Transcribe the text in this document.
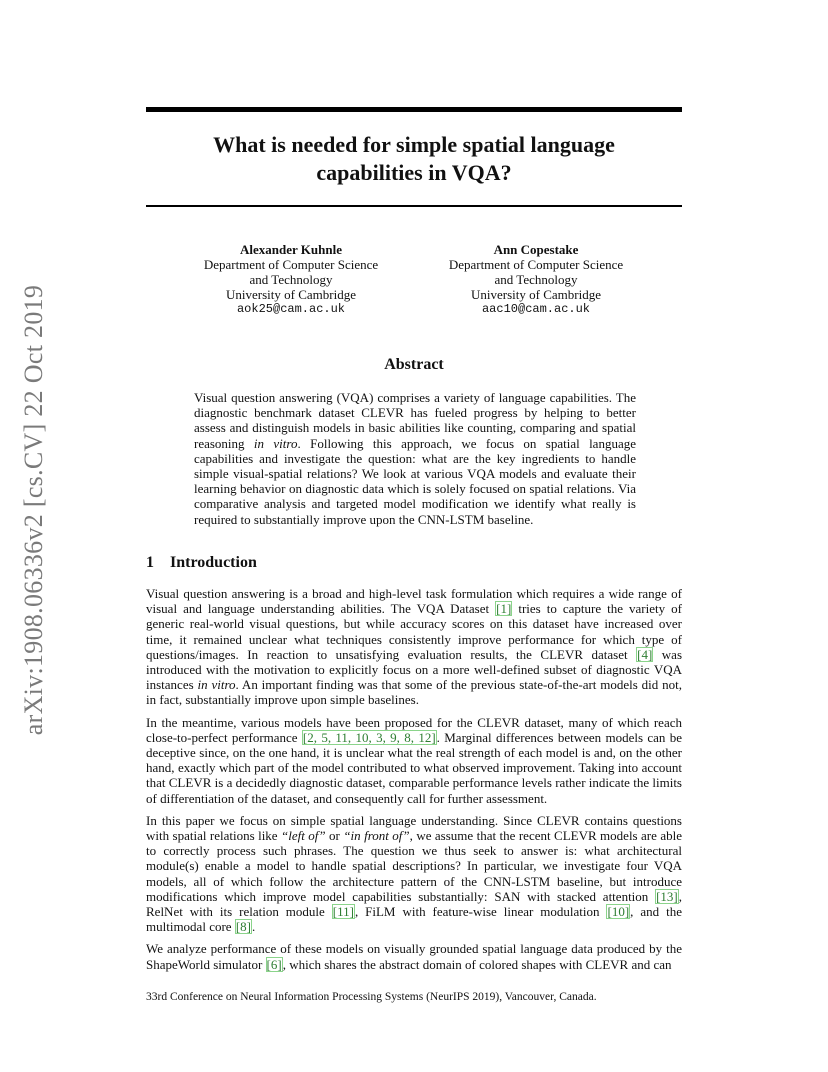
arXiv:1908.06336v2 [cs.CV] 22 Oct 2019
What is needed for simple spatial language
capabilities in VQA?
Alexander Kuhnle
Department of Computer Science
and Technology
University of Cambridge
aok25@cam.ac.uk
Ann Copestake
Department of Computer Science
and Technology
University of Cambridge
aac10@cam.ac.uk
Abstract
Visual question answering (VQA) comprises a variety of language capabilities. The diagnostic benchmark dataset CLEVR has fueled progress by helping to better assess and distinguish models in basic abilities like counting, comparing and spatial reasoning in vitro. Following this approach, we focus on spatial language capabilities and investigate the question: what are the key ingredients to handle simple visual-spatial relations? We look at various VQA models and evaluate their learning behavior on diagnostic data which is solely focused on spatial relations. Via comparative analysis and targeted model modification we identify what really is required to substantially improve upon the CNN-LSTM baseline.
1 Introduction

Visual question answering is a broad and high-level task formulation which requires a wide range of visual and language understanding abilities. The VQA Dataset [1] tries to capture the variety of generic real-world visual questions, but while accuracy scores on this dataset have increased over time, it remained unclear what techniques consistently improve performance for which type of questions/images. In reaction to unsatisfying evaluation results, the CLEVR dataset [4] was introduced with the motivation to explicitly focus on a more well-defined subset of diagnostic VQA instances in vitro. An important finding was that some of the previous state-of-the-art models did not, in fact, substantially improve upon simple baselines.

In the meantime, various models have been proposed for the CLEVR dataset, many of which reach close-to-perfect performance [2, 5, 11, 10, 3, 9, 8, 12]. Marginal differences between models can be deceptive since, on the one hand, it is unclear what the real strength of each model is and, on the other hand, exactly which part of the model contributed to what observed improvement. Taking into account that CLEVR is a decidedly diagnostic dataset, comparable performance levels rather indicate the limits of differentiation of the dataset, and consequently call for further assessment.

In this paper we focus on simple spatial language understanding. Since CLEVR contains questions with spatial relations like “left of” or “in front of”, we assume that the recent CLEVR models are able to correctly process such phrases. The question we thus seek to answer is: what architectural module(s) enable a model to handle spatial descriptions? In particular, we investigate four VQA models, all of which follow the architecture pattern of the CNN-LSTM baseline, but introduce modifications which improve model capabilities substantially: SAN with stacked attention [13], RelNet with its relation module [11], FiLM with feature-wise linear modulation [10], and the multimodal core [8].

We analyze performance of these models on visually grounded spatial language data produced by the ShapeWorld simulator [6], which shares the abstract domain of colored shapes with CLEVR and can

33rd Conference on Neural Information Processing Systems (NeurIPS 2019), Vancouver, Canada.
